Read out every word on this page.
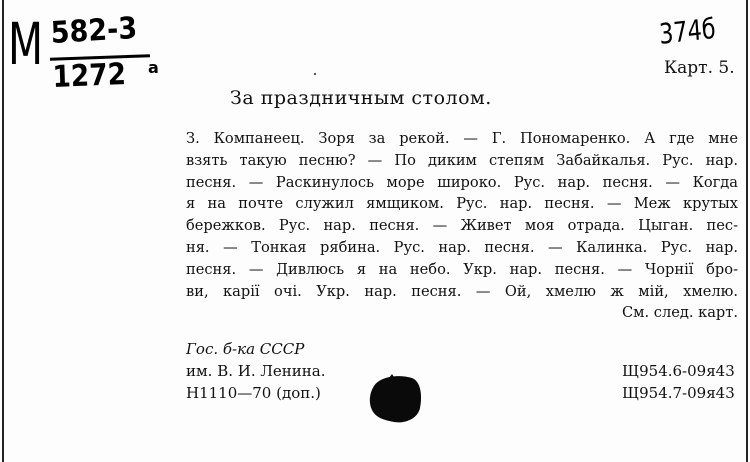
М 582-3
1272 а
374б
Карт. 5.
За праздничным столом.
З. Компанеец. Зоря за рекой. — Г. Пономаренко. А где мне
взять такую песню? — По диким степям Забайкалья. Рус. нар.
песня. — Раскинулось море широко. Рус. нар. песня. — Когда
я на почте служил ямщиком. Рус. нар. песня. — Меж крутых
бережков. Рус. нар. песня. — Живет моя отрада. Цыган. пес-
ня. — Тонкая рябина. Рус. нар. песня. — Калинка. Рус. нар.
песня. — Дивлюсь я на небо. Укр. нар. песня. — Чорнії бро-
ви, карії очі. Укр. нар. песня. — Ой, хмелю ж мій, хмелю.
См. след. карт.
Гос. б-ка СССР
им. В. И. Ленина.
Н1110—70 (доп.)
Щ954.6-09я43
Щ954.7-09я43
